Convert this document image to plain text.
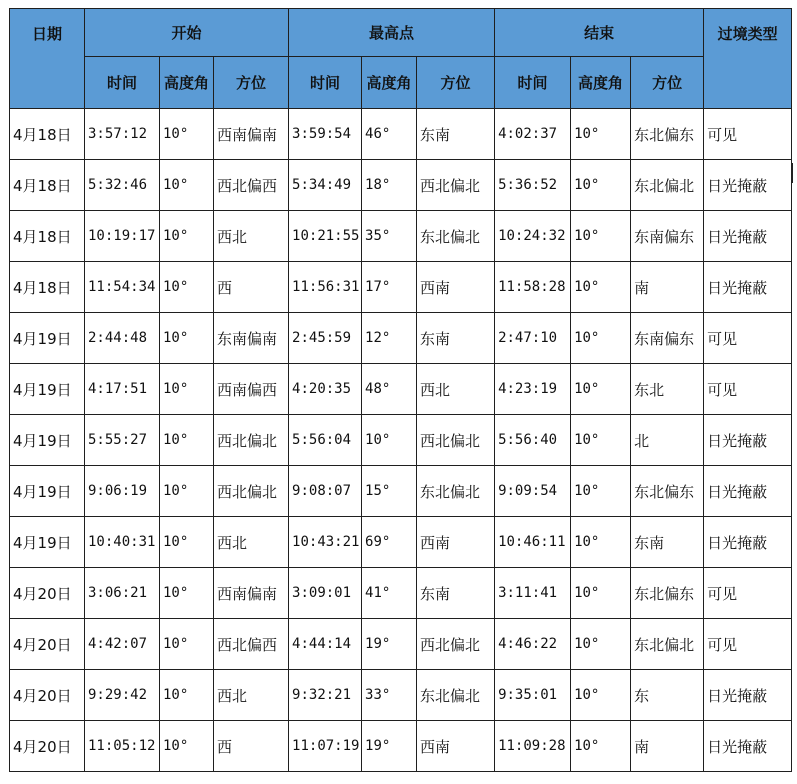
日期	开始			最高点			结束			过境类型
	时间	高度角	方位	时间	高度角	方位	时间	高度角	方位	
4月18日	3:57:12	10°	西南偏南	3:59:54	46°	东南	4:02:37	10°	东北偏东	可见
4月18日	5:32:46	10°	西北偏西	5:34:49	18°	西北偏北	5:36:52	10°	东北偏北	日光掩蔽
4月18日	10:19:17	10°	西北	10:21:55	35°	东北偏北	10:24:32	10°	东南偏东	日光掩蔽
4月18日	11:54:34	10°	西	11:56:31	17°	西南	11:58:28	10°	南	日光掩蔽
4月19日	2:44:48	10°	东南偏南	2:45:59	12°	东南	2:47:10	10°	东南偏东	可见
4月19日	4:17:51	10°	西南偏西	4:20:35	48°	西北	4:23:19	10°	东北	可见
4月19日	5:55:27	10°	西北偏北	5:56:04	10°	西北偏北	5:56:40	10°	北	日光掩蔽
4月19日	9:06:19	10°	西北偏北	9:08:07	15°	东北偏北	9:09:54	10°	东北偏东	日光掩蔽
4月19日	10:40:31	10°	西北	10:43:21	69°	西南	10:46:11	10°	东南	日光掩蔽
4月20日	3:06:21	10°	西南偏南	3:09:01	41°	东南	3:11:41	10°	东北偏东	可见
4月20日	4:42:07	10°	西北偏西	4:44:14	19°	西北偏北	4:46:22	10°	东北偏北	可见
4月20日	9:29:42	10°	西北	9:32:21	33°	东北偏北	9:35:01	10°	东	日光掩蔽
4月20日	11:05:12	10°	西	11:07:19	19°	西南	11:09:28	10°	南	日光掩蔽
